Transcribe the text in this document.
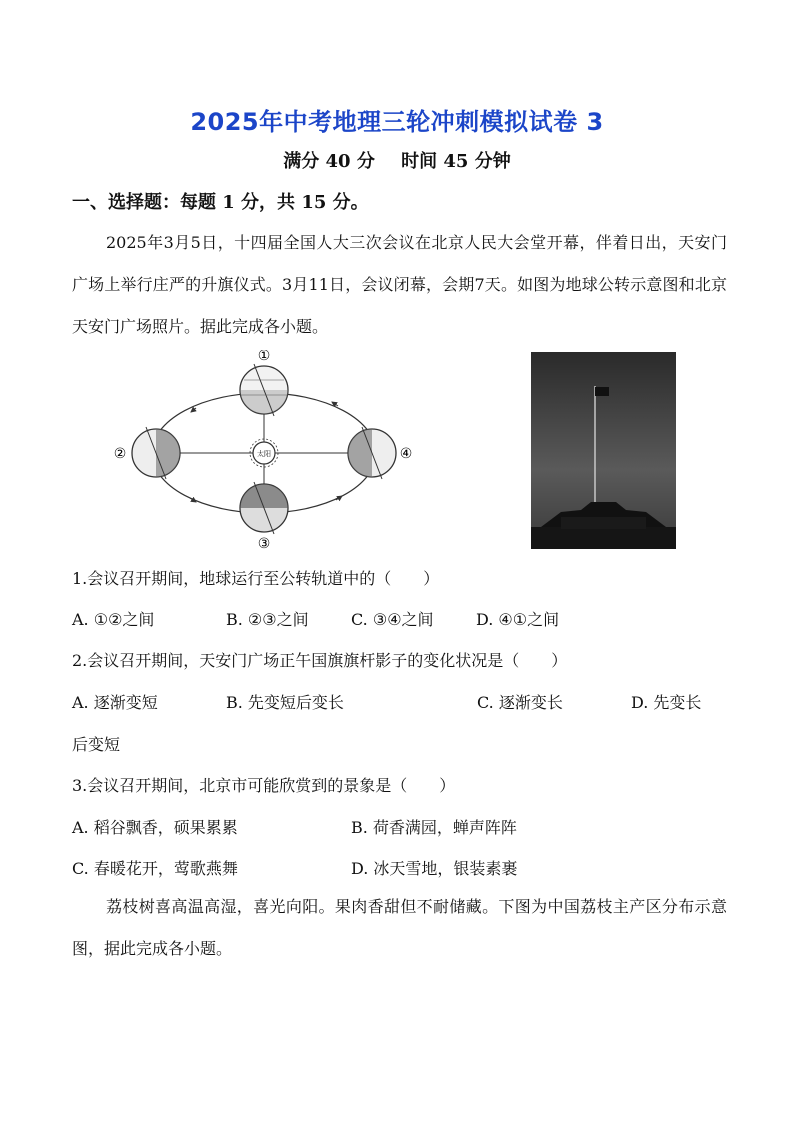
2025年中考地理三轮冲刺模拟试卷 3
满分 40 分 时间 45 分钟
一、选择题：每题 1 分，共 15 分。
2025年3月5日，十四届全国人大三次会议在北京人民大会堂开幕，伴着日出，天安门广场上举行庄严的升旗仪式。3月11日，会议闭幕，会期7天。如图为地球公转示意图和北京天安门广场照片。据此完成各小题。
太阳
①
②
③
④
1.会议召开期间，地球运行至公转轨道中的（　　）
A. ①②之间	B. ②③之间	C. ③④之间	D. ④①之间
2.会议召开期间，天安门广场正午国旗旗杆影子的变化状况是（　　）
A. 逐渐变短	B. 先变短后变长	C. 逐渐变长	D. 先变长
后变短
3.会议召开期间，北京市可能欣赏到的景象是（　　）
A. 稻谷飘香，硕果累累	B. 荷香满园，蝉声阵阵
C. 春暖花开，莺歌燕舞	D. 冰天雪地，银装素裹
荔枝树喜高温高湿，喜光向阳。果肉香甜但不耐储藏。下图为中国荔枝主产区分布示意图，据此完成各小题。
